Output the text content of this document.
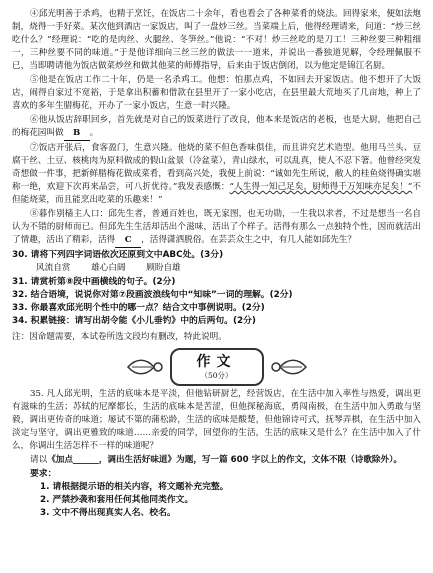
④邱光明善于杀鸡，也精于烹饪，在饭店二十余年，看也看会了各种菜肴的烧法。回得家来，便如法炮制，烧得一手好菜。某次他到酒店一家饭店，叫了一盘炒三丝。当菜端上后，他得经理请来，问道：“炒三丝吃什么？”经理说：“吃的是肉丝、火腿丝、冬笋丝。”他说：“不对！炒三丝吃的是刀工！三种丝要三种粗细一，三种丝要不同的味道。”于是他详细向三丝三丝的做法一一道来，并说出一番独道见解，令经理佩服不已，当即聘请他为饭店做菜炒丝和做其他菜的师傅指导，后来由于饭店倒闭，以为他定是锦江名厨。

⑤他是在饭店工作二十年，仍是一名杀鸡工。他想：怕那点鸡，不如回去开家饭店。他不想开了大饭店，闹得自家过不宽裕，于是拿出积蓄和借款在县里开了一家小吃店，在县里最大荒地买了几亩地，种上了喜欢的多年生腊梅花，开办了一家小饭店，生意一时兴隆。

⑥他从饭店辞职回乡，首先就是对自己的饭菜进行了改良，他本来是饭店的老板，也是大厨，他把自己的梅花园叫做 B 。

⑦饭店开张后，食客盈门，生意兴隆。他烧的菜不但色香味俱佳，而且讲究艺术造型。他用马兰头、豆腐干丝、土豆、核桃肉为原料做成的假山盆景（冷盆菜），青山绿水，可以乱真，使人不忍下箸。他曾经突发奇想做一件事，把新鲜腊梅花做成菜肴，看到高兴处，我便上前说：“诚如先生所说，敝人的桂鱼烧得确实堪称一绝，欢迎下次再来品尝，可八折优待。”我发表感慨：“人生得一知己足矣，厨师得千万知味亦足矣！”不但能烧菜，而且能烹出吃菜的乐趣来！”

⑧暮作别樯主人口：邱先生者，普通百姓也，既无家图，也无功勋，一生我以求者，不过是想当一名自认为不错的厨师而已。但邱先生生活却活出个滋味，活出了个样子。活得有那么一点独特个性，因而就活出了情趣，活出了精彩，活得 C ，活得潇洒脱俗。在芸芸众生之中，有几人能如邱先生？

30. 请将下列四字词语依次还原到文中ABC处。(3分)

风流自赏 雄心白阔 顾盼自雄

31. 请赏析第⑧段中画横线的句子。(2分)

32. 结合语境，说说你对第⑦段画波浪线句中“知味”一词的理解。(2分)

33. 你最喜欢邱光明个性中的哪一点？结合文中事例说明。(2分)

34. 积累链接：请写出胡令能《小儿垂钓》中的后两句。(2分)

注：因命题需要，本试卷所选文段均有删改，特此说明。

作文
（50分）

35. 凡人邱光明，生活的底味本是平淡，但他钻研厨艺，经营饭店，在生活中加入率性与热爱，调出更有滋味的生活；苏轼的尼摩都长，生活的底味本是苦涩，但他探秘海底，勇闯南极，在生活中加入勇敢与坚毅，调出更传奇的味道；屡试不第的蒲松龄，生活的底味是酸楚，但他锦诗可式，抚琴弄棋，在生活中加入淡定与坚守，调出更雅致的味道……亲爱的同学，回望你的生活，生活的底味又是什么？在生活中加入了什么，你调出生活怎样不一样的味道呢？

请以《加点______，调出生活好味道》为题，写一篇 600 字以上的作文，文体不限（诗歌除外）。

要求：

1. 请根据提示语的相关内容，将文题补充完整。

2. 严禁抄袭和套用任何其他同类作文。

3. 文中不得出现真实人名、校名。
